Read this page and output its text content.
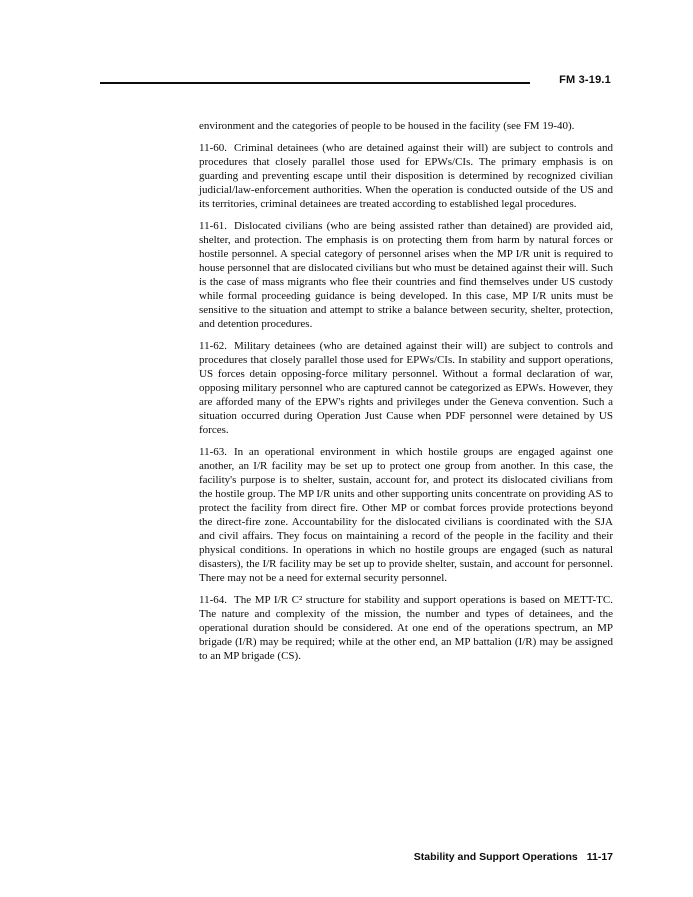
FM 3-19.1

environment and the categories of people to be housed in the facility (see FM 19-40).

11-60. Criminal detainees (who are detained against their will) are subject to controls and procedures that closely parallel those used for EPWs/CIs. The primary emphasis is on guarding and preventing escape until their disposition is determined by recognized civilian judicial/law-enforcement authorities. When the operation is conducted outside of the US and its territories, criminal detainees are treated according to established legal procedures.

11-61. Dislocated civilians (who are being assisted rather than detained) are provided aid, shelter, and protection. The emphasis is on protecting them from harm by natural forces or hostile personnel. A special category of personnel arises when the MP I/R unit is required to house personnel that are dislocated civilians but who must be detained against their will. Such is the case of mass migrants who flee their countries and find themselves under US custody while formal proceeding guidance is being developed. In this case, MP I/R units must be sensitive to the situation and attempt to strike a balance between security, shelter, protection, and detention procedures.

11-62. Military detainees (who are detained against their will) are subject to controls and procedures that closely parallel those used for EPWs/CIs. In stability and support operations, US forces detain opposing-force military personnel. Without a formal declaration of war, opposing military personnel who are captured cannot be categorized as EPWs. However, they are afforded many of the EPW's rights and privileges under the Geneva convention. Such a situation occurred during Operation Just Cause when PDF personnel were detained by US forces.

11-63. In an operational environment in which hostile groups are engaged against one another, an I/R facility may be set up to protect one group from another. In this case, the facility's purpose is to shelter, sustain, account for, and protect its dislocated civilians from the hostile group. The MP I/R units and other supporting units concentrate on providing AS to protect the facility from direct fire. Other MP or combat forces provide protections beyond the direct-fire zone. Accountability for the dislocated civilians is coordinated with the SJA and civil affairs. They focus on maintaining a record of the people in the facility and their physical conditions. In operations in which no hostile groups are engaged (such as natural disasters), the I/R facility may be set up to provide shelter, sustain, and account for personnel. There may not be a need for external security personnel.

11-64. The MP I/R C² structure for stability and support operations is based on METT-TC. The nature and complexity of the mission, the number and types of detainees, and the operational duration should be considered. At one end of the operations spectrum, an MP brigade (I/R) may be required; while at the other end, an MP battalion (I/R) may be assigned to an MP brigade (CS).

Stability and Support Operations 11-17
